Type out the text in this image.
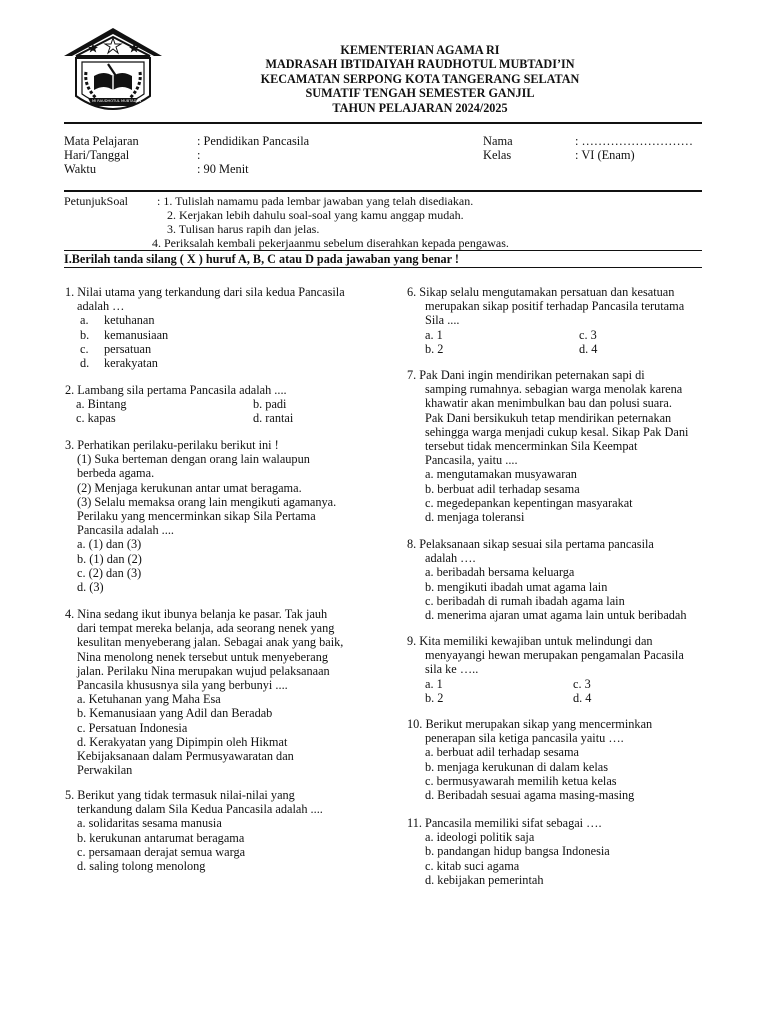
MI RAUDHOTUL MUBTADIIN
KEMENTERIAN AGAMA RI
MADRASAH IBTIDAIYAH RAUDHOTUL MUBTADI’IN
KECAMATAN SERPONG KOTA TANGERANG SELATAN
SUMATIF TENGAH SEMESTER GANJIL
TAHUN PELAJARAN 2024/2025
Mata Pelajaran	: Pendidikan Pancasila
Hari/Tanggal	:
Waktu	: 90 Menit
Nama	: ………………………
Kelas	: VI (Enam)
PetunjukSoal : 1. Tulislah namamu pada lembar jawaban yang telah disediakan.
2. Kerjakan lebih dahulu soal-soal yang kamu anggap mudah.
3. Tulisan harus rapih dan jelas.
4. Periksalah kembali pekerjaanmu sebelum diserahkan kepada pengawas.
I.Berilah tanda silang ( X ) huruf A, B, C atau D pada jawaban yang benar !
1. Nilai utama yang terkandung dari sila kedua Pancasila
adalah …
a. ketuhanan
b. kemanusiaan
c. persatuan
d. kerakyatan
2. Lambang sila pertama Pancasila adalah ....
a. Bintang	b. padi
c. kapas	d. rantai
3. Perhatikan perilaku-perilaku berikut ini !
(1) Suka berteman dengan orang lain walaupun
berbeda agama.
(2) Menjaga kerukunan antar umat beragama.
(3) Selalu memaksa orang lain mengikuti agamanya.
Perilaku yang mencerminkan sikap Sila Pertama
Pancasila adalah ....
a. (1) dan (3)
b. (1) dan (2)
c. (2) dan (3)
d. (3)
4. Nina sedang ikut ibunya belanja ke pasar. Tak jauh
dari tempat mereka belanja, ada seorang nenek yang
kesulitan menyeberang jalan. Sebagai anak yang baik,
Nina menolong nenek tersebut untuk menyeberang
jalan. Perilaku Nina merupakan wujud pelaksanaan
Pancasila khususnya sila yang berbunyi ....
a. Ketuhanan yang Maha Esa
b. Kemanusiaan yang Adil dan Beradab
c. Persatuan Indonesia
d. Kerakyatan yang Dipimpin oleh Hikmat
Kebijaksanaan dalam Permusyawaratan dan
Perwakilan
5. Berikut yang tidak termasuk nilai-nilai yang
terkandung dalam Sila Kedua Pancasila adalah ....
a. solidaritas sesama manusia
b. kerukunan antarumat beragama
c. persamaan derajat semua warga
d. saling tolong menolong
6. Sikap selalu mengutamakan persatuan dan kesatuan
merupakan sikap positif terhadap Pancasila terutama
Sila ....
a. 1	c. 3
b. 2	d. 4
7. Pak Dani ingin mendirikan peternakan sapi di
samping rumahnya. sebagian warga menolak karena
khawatir akan menimbulkan bau dan polusi suara.
Pak Dani bersikukuh tetap mendirikan peternakan
sehingga warga menjadi cukup kesal. Sikap Pak Dani
tersebut tidak mencerminkan Sila Keempat
Pancasila, yaitu ....
a. mengutamakan musyawaran
b. berbuat adil terhadap sesama
c. megedepankan kepentingan masyarakat
d. menjaga toleransi
8. Pelaksanaan sikap sesuai sila pertama pancasila
adalah ….
a. beribadah bersama keluarga
b. mengikuti ibadah umat agama lain
c. beribadah di rumah ibadah agama lain
d. menerima ajaran umat agama lain untuk beribadah
9. Kita memiliki kewajiban untuk melindungi dan
menyayangi hewan merupakan pengamalan Pacasila
sila ke …..
a. 1	c. 3
b. 2	d. 4
10. Berikut merupakan sikap yang mencerminkan
penerapan sila ketiga pancasila yaitu ….
a. berbuat adil terhadap sesama
b. menjaga kerukunan di dalam kelas
c. bermusyawarah memilih ketua kelas
d. Beribadah sesuai agama masing-masing
11. Pancasila memiliki sifat sebagai ….
a. ideologi politik saja
b. pandangan hidup bangsa Indonesia
c. kitab suci agama
d. kebijakan pemerintah
